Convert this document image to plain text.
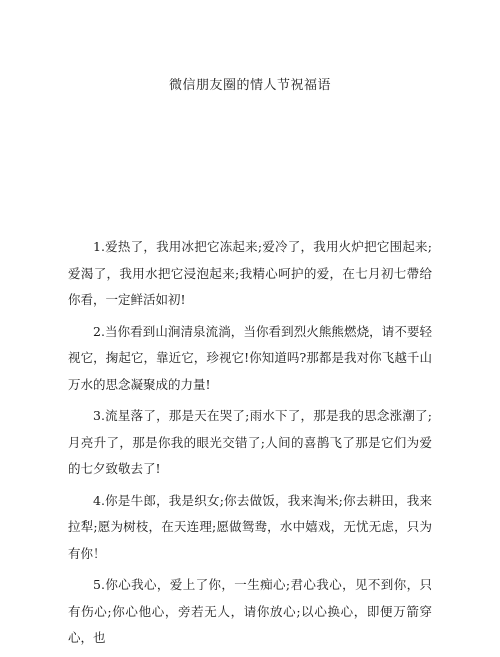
微信朋友圈的情人节祝福语

1.爱热了，我用冰把它冻起来;爱冷了，我用火炉把它围起来;爱渴了，我用水把它浸泡起来;我精心呵护的爱，在七月初七帶给你看，一定鲜活如初!

2.当你看到山涧清泉流淌，当你看到烈火熊熊燃烧，请不要轻视它，掬起它，靠近它，珍视它!你知道吗?那都是我对你飞越千山万水的思念凝聚成的力量!

3.流星落了，那是天在哭了;雨水下了，那是我的思念涨潮了;月亮升了，那是你我的眼光交错了;人间的喜鹊飞了那是它们为爱的七夕致敬去了!

4.你是牛郎，我是织女;你去做饭，我来淘米;你去耕田，我来拉犁;愿为树枝，在天连理;愿做鸳鸯，水中嬉戏，无忧无虑，只为有你！

5.你心我心，爱上了你，一生痴心;君心我心，见不到你，只有伤心;你心他心，旁若无人，请你放心;以心换心，即便万箭穿心，也
